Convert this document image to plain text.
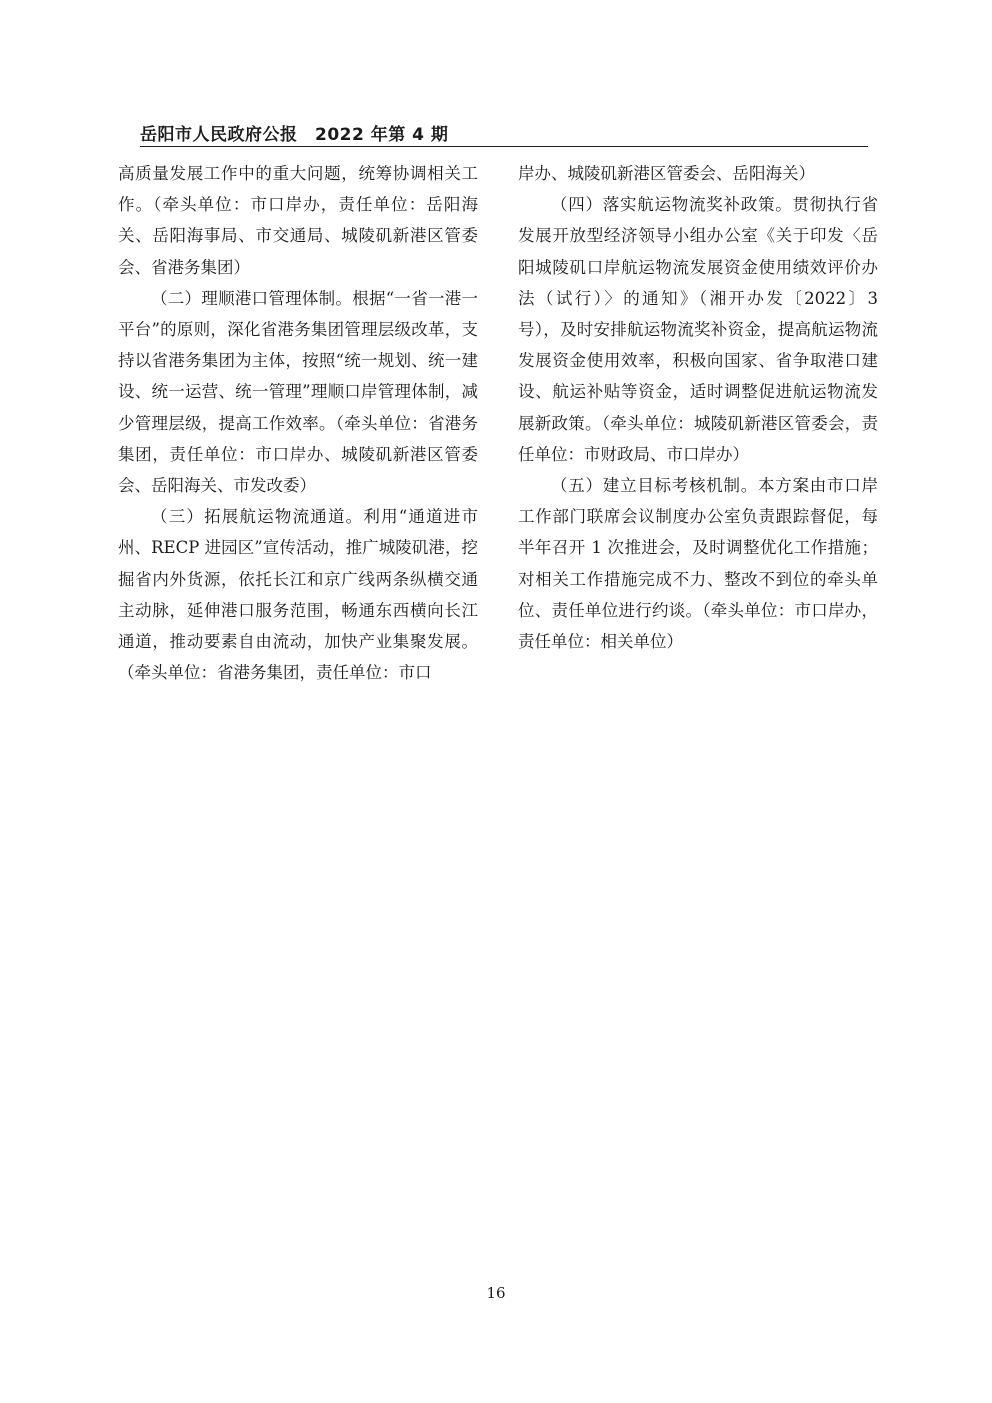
岳阳市人民政府公报　2022 年第 4 期

高质量发展工作中的重大问题，统筹协调相关工作。（牵头单位：市口岸办，责任单位：岳阳海关、岳阳海事局、市交通局、城陵矶新港区管委会、省港务集团）

（二）理顺港口管理体制。根据“一省一港一平台”的原则，深化省港务集团管理层级改革，支持以省港务集团为主体，按照“统一规划、统一建设、统一运营、统一管理”理顺口岸管理体制，减少管理层级，提高工作效率。（牵头单位：省港务集团，责任单位：市口岸办、城陵矶新港区管委会、岳阳海关、市发改委）

（三）拓展航运物流通道。利用“通道进市州、RECP 进园区”宣传活动，推广城陵矶港，挖掘省内外货源，依托长江和京广线两条纵横交通主动脉，延伸港口服务范围，畅通东西横向长江通道，推动要素自由流动，加快产业集聚发展。（牵头单位：省港务集团，责任单位：市口

岸办、城陵矶新港区管委会、岳阳海关）

（四）落实航运物流奖补政策。贯彻执行省发展开放型经济领导小组办公室《关于印发〈岳阳城陵矶口岸航运物流发展资金使用绩效评价办法（试行）〉的通知》（湘开办发〔2022〕3 号），及时安排航运物流奖补资金，提高航运物流发展资金使用效率，积极向国家、省争取港口建设、航运补贴等资金，适时调整促进航运物流发展新政策。（牵头单位：城陵矶新港区管委会，责任单位：市财政局、市口岸办）

（五）建立目标考核机制。本方案由市口岸工作部门联席会议制度办公室负责跟踪督促，每半年召开 1 次推进会，及时调整优化工作措施；对相关工作措施完成不力、整改不到位的牵头单位、责任单位进行约谈。（牵头单位：市口岸办，责任单位：相关单位）

16
